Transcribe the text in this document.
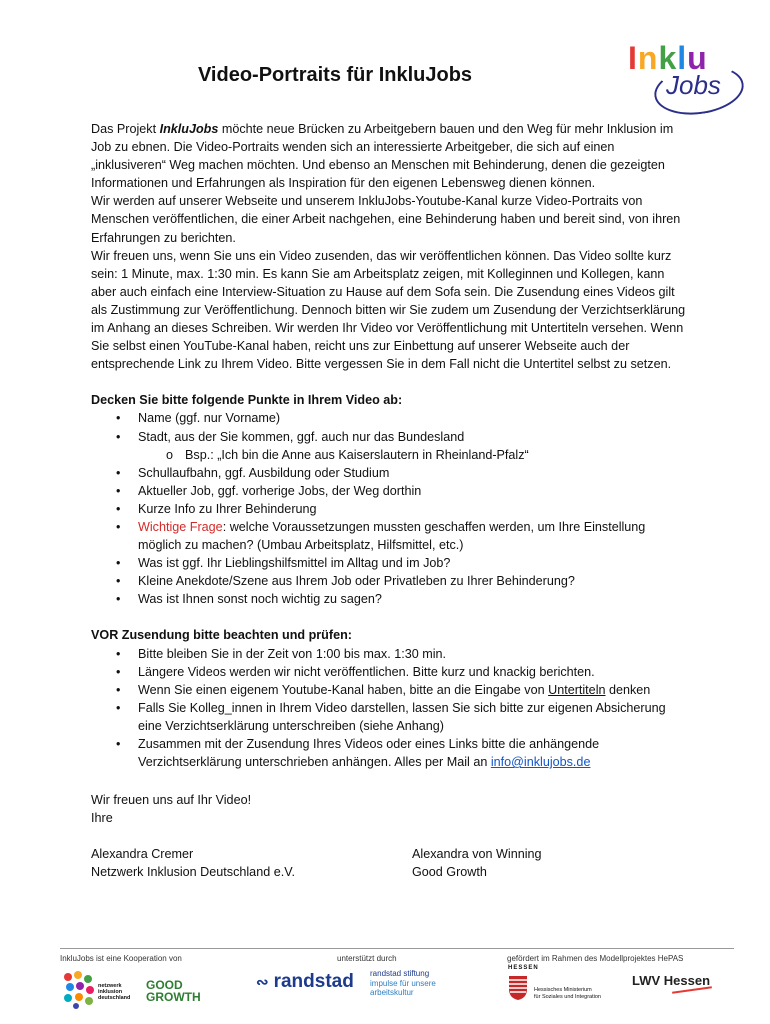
Video-Portraits für InkluJobs	Inklu
Jobs

Das Projekt InkluJobs möchte neue Brücken zu Arbeitgebern bauen und den Weg für mehr Inklusion im Job zu ebnen. Die Video-Portraits wenden sich an interessierte Arbeitgeber, die sich auf einen „inklusiveren“ Weg machen möchten. Und ebenso an Menschen mit Behinderung, denen die gezeigten Informationen und Erfahrungen als Inspiration für den eigenen Lebensweg dienen können.

Wir werden auf unserer Webseite und unserem InkluJobs-Youtube-Kanal kurze Video-Portraits von Menschen veröffentlichen, die einer Arbeit nachgehen, eine Behinderung haben und bereit sind, von ihren Erfahrungen zu berichten.

Wir freuen uns, wenn Sie uns ein Video zusenden, das wir veröffentlichen können. Das Video sollte kurz sein: 1 Minute, max. 1:30 min. Es kann Sie am Arbeitsplatz zeigen, mit Kolleginnen und Kollegen, kann aber auch einfach eine Interview-Situation zu Hause auf dem Sofa sein. Die Zusendung eines Videos gilt als Zustimmung zur Veröffentlichung. Dennoch bitten wir Sie zudem um Zusendung der Verzichtserklärung im Anhang an dieses Schreiben. Wir werden Ihr Video vor Veröffentlichung mit Untertiteln versehen. Wenn Sie selbst einen YouTube-Kanal haben, reicht uns zur Einbettung auf unserer Webseite auch der entsprechende Link zu Ihrem Video. Bitte vergessen Sie in dem Fall nicht die Untertitel selbst zu setzen.

Decken Sie bitte folgende Punkte in Ihrem Video ab:
• Name (ggf. nur Vorname)
• Stadt, aus der Sie kommen, ggf. auch nur das Bundesland
o Bsp.: „Ich bin die Anne aus Kaiserslautern in Rheinland-Pfalz“
• Schullaufbahn, ggf. Ausbildung oder Studium
• Aktueller Job, ggf. vorherige Jobs, der Weg dorthin
• Kurze Info zu Ihrer Behinderung
• Wichtige Frage: welche Voraussetzungen mussten geschaffen werden, um Ihre Einstellung möglich zu machen? (Umbau Arbeitsplatz, Hilfsmittel, etc.)
• Was ist ggf. Ihr Lieblingshilfsmittel im Alltag und im Job?
• Kleine Anekdote/Szene aus Ihrem Job oder Privatleben zu Ihrer Behinderung?
• Was ist Ihnen sonst noch wichtig zu sagen?
VOR Zusendung bitte beachten und prüfen:
• Bitte bleiben Sie in der Zeit von 1:00 bis max. 1:30 min.
• Längere Videos werden wir nicht veröffentlichen. Bitte kurz und knackig berichten.
• Wenn Sie einen eigenem Youtube-Kanal haben, bitte an die Eingabe von Untertiteln denken
• Falls Sie Kolleg_innen in Ihrem Video darstellen, lassen Sie sich bitte zur eigenen Absicherung eine Verzichtserklärung unterschreiben (siehe Anhang)
• Zusammen mit der Zusendung Ihres Videos oder eines Links bitte die anhängende Verzichtserklärung unterschrieben anhängen. Alles per Mail an info@inklujobs.de

Wir freuen uns auf Ihr Video!

Ihre

Alexandra Cremer

Netzwerk Inklusion Deutschland e.V.

Alexandra von Winning

Good Growth

InkluJobs ist eine Kooperation von	unterstützt durch	gefördert im Rahmen des Modellprojektes HePAS
netzwerk inklusion deutschland
GOOD
GROWTH
∾ randstad randstad stiftung
impulse für unsere
arbeitskultur
HESSEN
Hessisches Ministerium
für Soziales und Integration
LWV Hessen
